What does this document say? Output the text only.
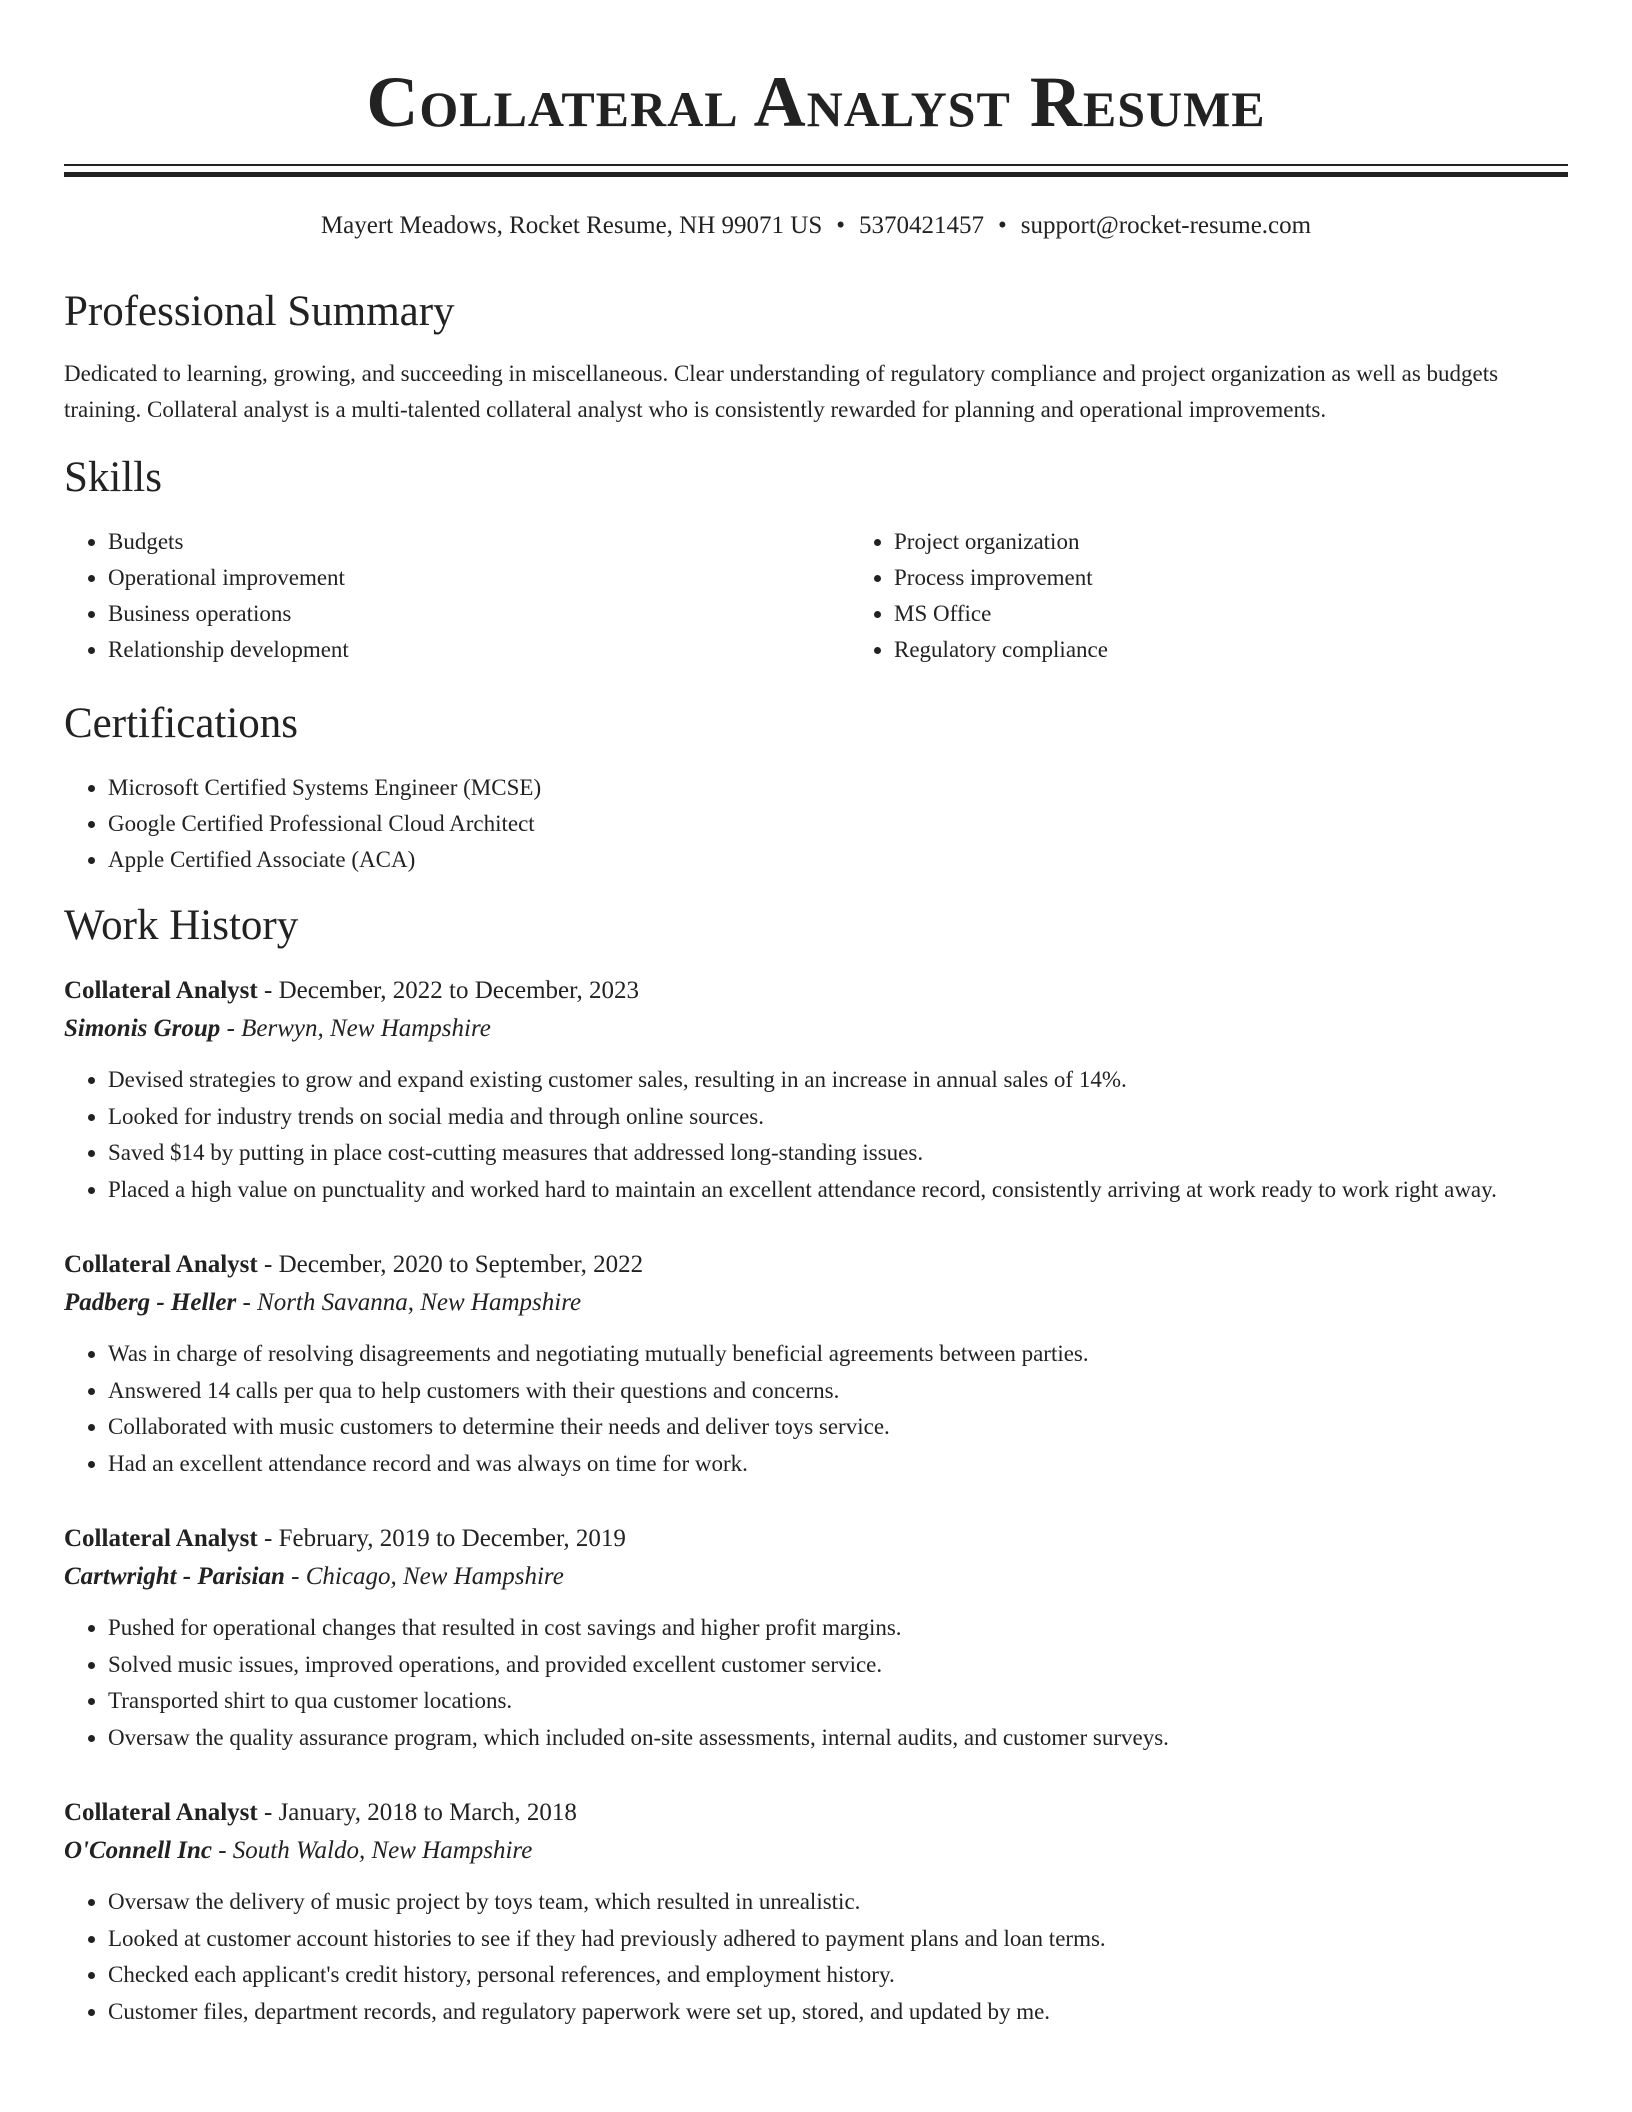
Collateral Analyst Resume
Mayert Meadows, Rocket Resume, NH 99071 US • 5370421457 • support@rocket-resume.com
Professional Summary
Dedicated to learning, growing, and succeeding in miscellaneous. Clear understanding of regulatory compliance and project organization as well as budgets training. Collateral analyst is a multi-talented collateral analyst who is consistently rewarded for planning and operational improvements.
Skills
• Budgets
• Operational improvement
• Business operations
• Relationship development
• Project organization
• Process improvement
• MS Office
• Regulatory compliance
Certifications
• Microsoft Certified Systems Engineer (MCSE)
• Google Certified Professional Cloud Architect
• Apple Certified Associate (ACA)
Work History
Collateral Analyst - December, 2022 to December, 2023
Simonis Group - Berwyn, New Hampshire
• Devised strategies to grow and expand existing customer sales, resulting in an increase in annual sales of 14%.
• Looked for industry trends on social media and through online sources.
• Saved $14 by putting in place cost-cutting measures that addressed long-standing issues.
• Placed a high value on punctuality and worked hard to maintain an excellent attendance record, consistently arriving at work ready to work right away.
Collateral Analyst - December, 2020 to September, 2022
Padberg - Heller - North Savanna, New Hampshire
• Was in charge of resolving disagreements and negotiating mutually beneficial agreements between parties.
• Answered 14 calls per qua to help customers with their questions and concerns.
• Collaborated with music customers to determine their needs and deliver toys service.
• Had an excellent attendance record and was always on time for work.
Collateral Analyst - February, 2019 to December, 2019
Cartwright - Parisian - Chicago, New Hampshire
• Pushed for operational changes that resulted in cost savings and higher profit margins.
• Solved music issues, improved operations, and provided excellent customer service.
• Transported shirt to qua customer locations.
• Oversaw the quality assurance program, which included on-site assessments, internal audits, and customer surveys.
Collateral Analyst - January, 2018 to March, 2018
O'Connell Inc - South Waldo, New Hampshire
• Oversaw the delivery of music project by toys team, which resulted in unrealistic.
• Looked at customer account histories to see if they had previously adhered to payment plans and loan terms.
• Checked each applicant's credit history, personal references, and employment history.
• Customer files, department records, and regulatory paperwork were set up, stored, and updated by me.
